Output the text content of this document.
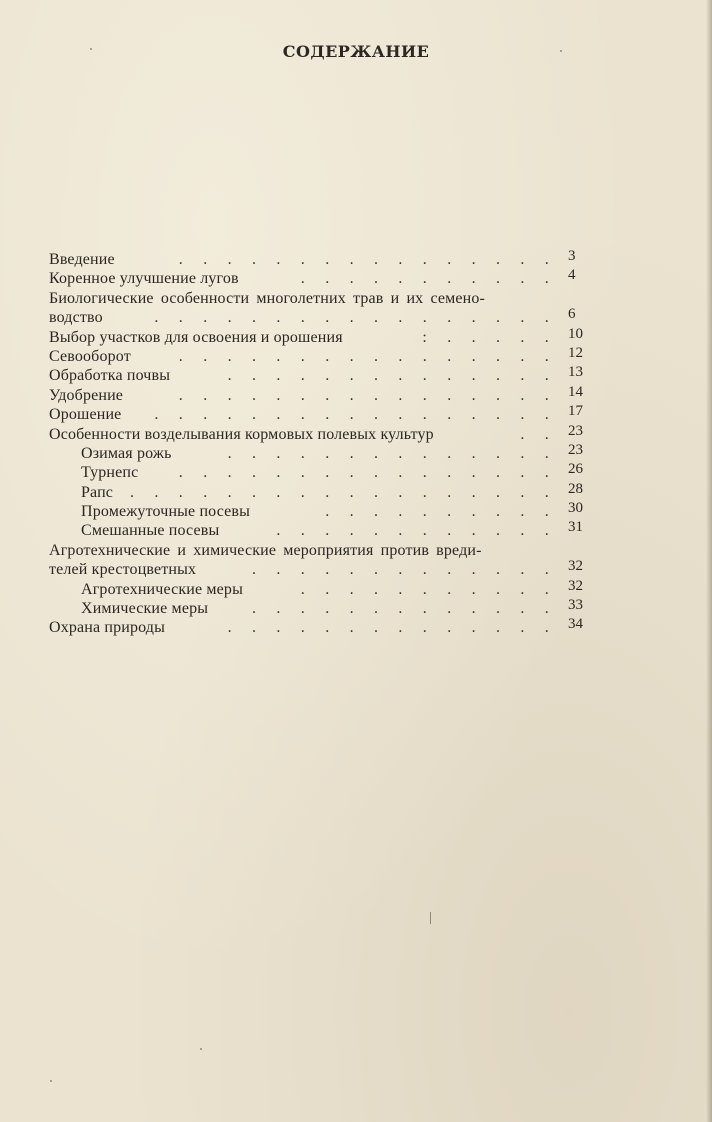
СОДЕРЖАНИЕ
Введение	. . . . . . . . . . . . . . . . 3
Коренное улучшение лугов	. . . . . . . . . . . 4
Биологические особенности многолетних трав и их семено-
водство	. . . . . . . . . . . . . . . . . 6
Выбор участков для освоения и орошения	: . . . . . 10
Севооборот	. . . . . . . . . . . . . . . . 12
Обработка почвы	. . . . . . . . . . . . . . 13
Удобрение	. . . . . . . . . . . . . . . . 14
Орошение . . . . . . . . . . . . . . . . . 17
Особенности возделывания кормовых полевых культур	. . 23
Озимая рожь	. . . . . . . . . . . . . . 23
Турнепс	. . . . . . . . . . . . . . . . 26
Рапс . . . . . . . . . . . . . . . . . . 28
Промежуточные посевы	. . . . . . . . . . 30
Смешанные посевы	. . . . . . . . . . . . 31
Агротехнические и химические мероприятия против вреди-
телей крестоцветных	. . . . . . . . . . . . . 32
Агротехнические меры	. . . . . . . . . . . 32
Химические меры	. . . . . . . . . . . . . 33
Охрана природы	. . . . . . . . . . . . . . 34
